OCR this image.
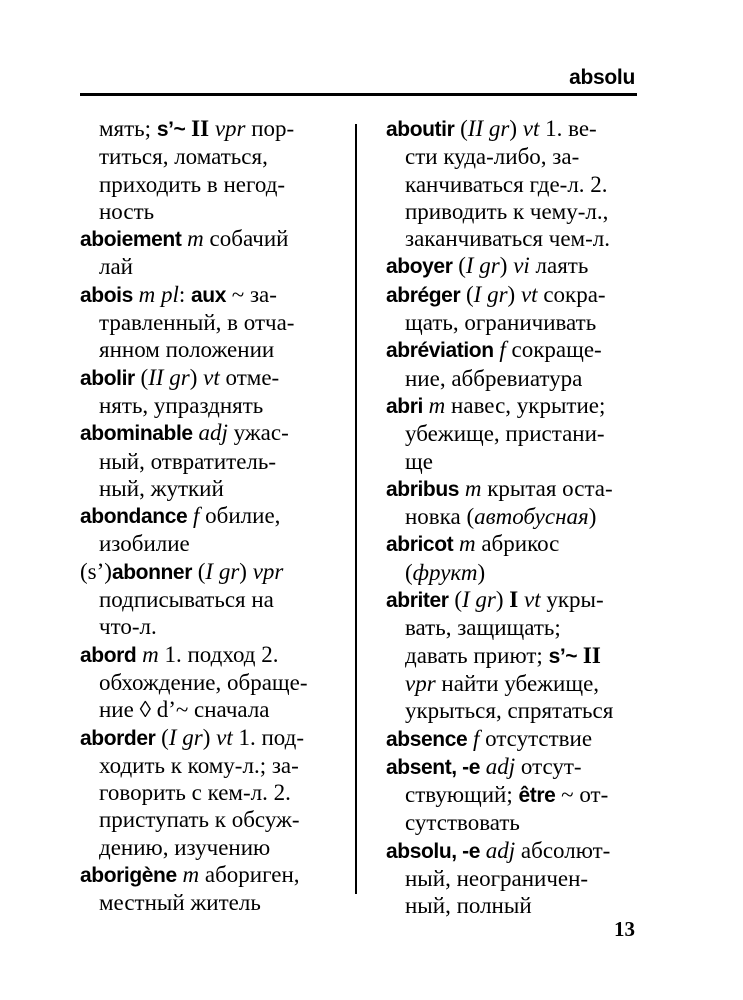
absolu
мять; s’~ II vpr пор-
титься, ломаться,
приходить в негод-
ность
aboiement m собачий
лай
abois m pl: aux ~ за-
травленный, в отча-
янном положении
abolir (II gr) vt отме-
нять, упразднять
abominable adj ужас-
ный, отвратитель-
ный, жуткий
abondance f обилие,
изобилие
(s’)abonner (I gr) vpr
подписываться на
что-л.
abord m 1. подход 2.
обхождение, обраще-
ние ◊ d’~ сначала
aborder (I gr) vt 1. под-
ходить к кому-л.; за-
говорить с кем-л. 2.
приступать к обсуж-
дению, изучению
aborigène m абориген,
местный житель
aboutir (II gr) vt 1. ве-
сти куда-либо, за-
канчиваться где-л. 2.
приводить к чему-л.,
заканчиваться чем-л.
aboyer (I gr) vi лаять
abréger (I gr) vt сокра-
щать, ограничивать
abréviation f сокраще-
ние, аббревиатура
abri m навес, укрытие;
убежище, пристани-
ще
abribus m крытая оста-
новка (автобусная)
abricot m абрикос
(фрукт)
abriter (I gr) I vt укры-
вать, защищать;
давать приют; s’~ II
vpr найти убежище,
укрыться, спрятаться
absence f отсутствие
absent, -e adj отсут-
ствующий; être ~ от-
сутствовать
absolu, -e adj абсолют-
ный, неограничен-
ный, полный
13
